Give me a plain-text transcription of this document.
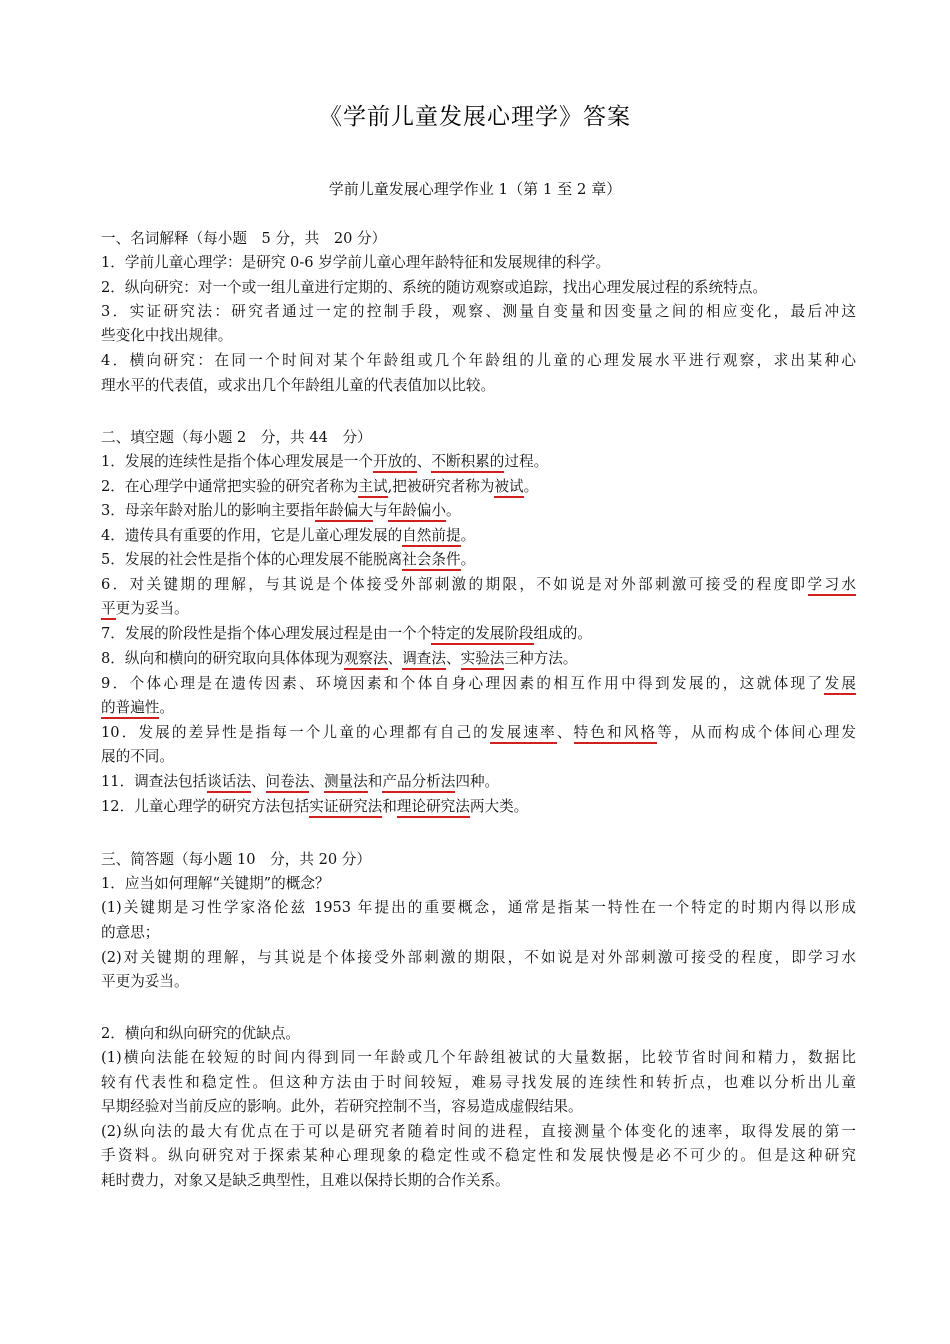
《学前儿童发展心理学》答案
学前儿童发展心理学作业 1（第 1 至 2 章）
一、名词解释（每小题　5 分，共　20 分）
1．学前儿童心理学：是研究 0-6 岁学前儿童心理年龄特征和发展规律的科学。
2．纵向研究：对一个或一组儿童进行定期的、系统的随访观察或追踪，找出心理发展过程的系统特点。
3．实证研究法：研究者通过一定的控制手段，观察、测量自变量和因变量之间的相应变化，最后冲这
些变化中找出规律。
4．横向研究：在同一个时间对某个年龄组或几个年龄组的儿童的心理发展水平进行观察，求出某种心
理水平的代表值，或求出几个年龄组儿童的代表值加以比较。
二、填空题（每小题 2　分，共 44　分）
1．发展的连续性是指个体心理发展是一个开放的、不断积累的过程。
2．在心理学中通常把实验的研究者称为主试,把被研究者称为被试。
3．母亲年龄对胎儿的影响主要指年龄偏大与年龄偏小。
4．遗传具有重要的作用，它是儿童心理发展的自然前提。
5．发展的社会性是指个体的心理发展不能脱离社会条件。
6．对关键期的理解，与其说是个体接受外部刺激的期限，不如说是对外部刺激可接受的程度即学习水
平更为妥当。
7．发展的阶段性是指个体心理发展过程是由一个个特定的发展阶段组成的。
8．纵向和横向的研究取向具体体现为观察法、调查法、实验法三种方法。
9．个体心理是在遗传因素、环境因素和个体自身心理因素的相互作用中得到发展的，这就体现了发展
的普遍性。
10．发展的差异性是指每一个儿童的心理都有自己的发展速率、特色和风格等，从而构成个体间心理发
展的不同。
11．调查法包括谈话法、问卷法、测量法和产品分析法四种。
12．儿童心理学的研究方法包括实证研究法和理论研究法两大类。
三、简答题（每小题 10　分，共 20 分）
1．应当如何理解“关键期”的概念？
(1)关键期是习性学家洛伦兹 1953 年提出的重要概念，通常是指某一特性在一个特定的时期内得以形成
的意思；
(2)对关键期的理解，与其说是个体接受外部刺激的期限，不如说是对外部刺激可接受的程度，即学习水
平更为妥当。
2．横向和纵向研究的优缺点。
(1)横向法能在较短的时间内得到同一年龄或几个年龄组被试的大量数据，比较节省时间和精力，数据比
较有代表性和稳定性。但这种方法由于时间较短，难易寻找发展的连续性和转折点，也难以分析出儿童
早期经验对当前反应的影响。此外，若研究控制不当，容易造成虚假结果。
(2)纵向法的最大有优点在于可以是研究者随着时间的进程，直接测量个体变化的速率，取得发展的第一
手资料。纵向研究对于探索某种心理现象的稳定性或不稳定性和发展快慢是必不可少的。但是这种研究
耗时费力，对象又是缺乏典型性，且难以保持长期的合作关系。
